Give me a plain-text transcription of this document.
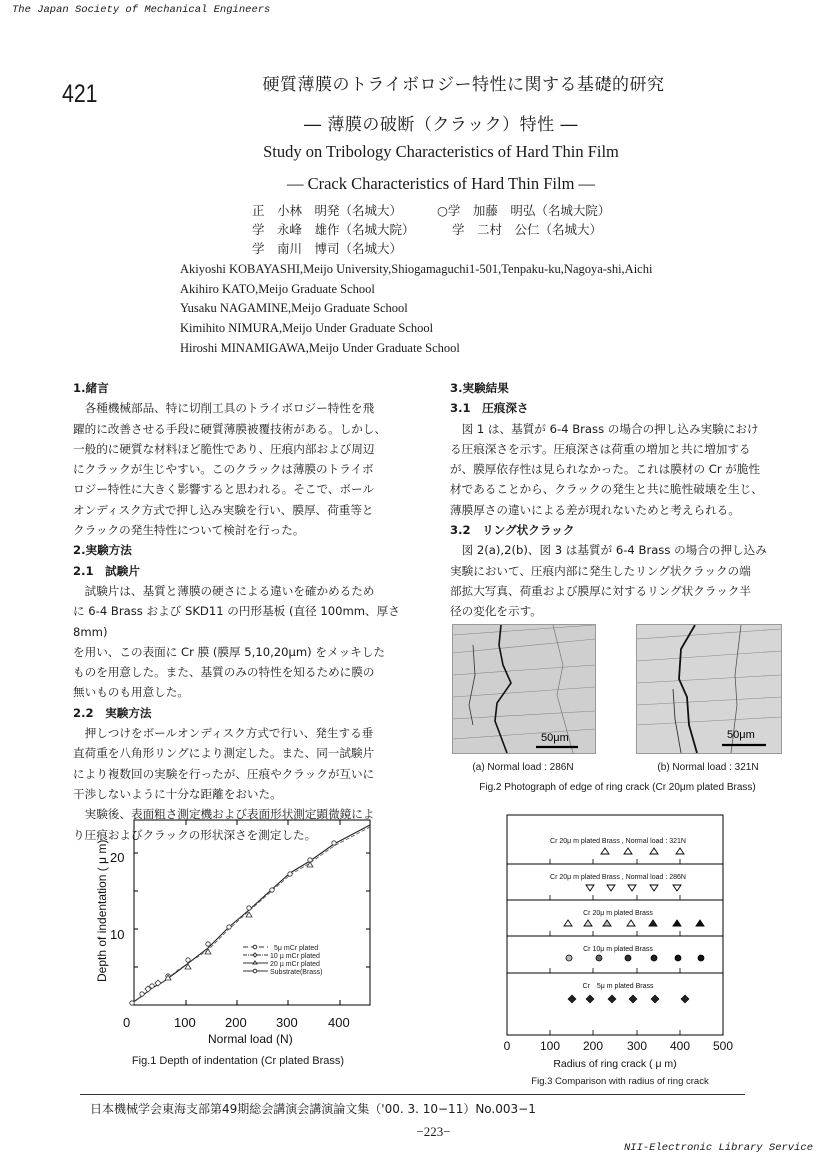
The Japan Society of Mechanical Engineers
421	硬質薄膜のトライボロジー特性に関する基礎的研究
― 薄膜の破断（クラック）特性 ―
Study on Tribology Characteristics of Hard Thin Film
― Crack Characteristics of Hard Thin Film ―
正　小林　明発（名城大）	○学　加藤　明弘（名城大院）
学　永峰　雄作（名城大院）	学　二村　公仁（名城大）
学　南川　博司（名城大）
Akiyoshi KOBAYASHI,Meijo University,Shiogamaguchi1-501,Tenpaku-ku,Nagoya-shi,Aichi
Akihiro KATO,Meijo Graduate School
Yusaku NAGAMINE,Meijo Graduate School
Kimihito NIMURA,Meijo Under Graduate School
Hiroshi MINAMIGAWA,Meijo Under Graduate School

1.緒言

各種機械部品、特に切削工具のトライボロジー特性を飛

躍的に改善させる手段に硬質薄膜被覆技術がある。しかし、

一般的に硬質な材料ほど脆性であり、圧痕内部および周辺

にクラックが生じやすい。このクラックは薄膜のトライボ

ロジー特性に大きく影響すると思われる。そこで、ボール

オンディスク方式で押し込み実験を行い、膜厚、荷重等と

クラックの発生特性について検討を行った。

2.実験方法

2.1　試験片

試験片は、基質と薄膜の硬さによる違いを確かめるため

に 6-4 Brass および SKD11 の円形基板 (直径 100mm、厚さ 8mm)

を用い、この表面に Cr 膜 (膜厚 5,10,20μm) をメッキした

ものを用意した。また、基質のみの特性を知るために膜の

無いものも用意した。

2.2　実験方法

押しつけをボールオンディスク方式で行い、発生する垂

直荷重を八角形リングにより測定した。また、同一試験片

により複数回の実験を行ったが、圧痕やクラックが互いに

干渉しないように十分な距離をおいた。

実験後、表面粗さ測定機および表面形状測定顕微鏡によ

り圧痕およびクラックの形状深さを測定した。

3.実験結果

3.1　圧痕深さ

図 1 は、基質が 6-4 Brass の場合の押し込み実験におけ

る圧痕深さを示す。圧痕深さは荷重の増加と共に増加する

が、膜厚依存性は見られなかった。これは膜材の Cr が脆性

材であることから、クラックの発生と共に脆性破壊を生じ、

薄膜厚さの違いによる差が現れないためと考えられる。

3.2　リング状クラック

図 2(a),2(b)、図 3 は基質が 6-4 Brass の場合の押し込み

実験において、圧痕内部に発生したリング状クラックの端

部拡大写真、荷重および膜厚に対するリング状クラック半

径の変化を示す。

50μm	50μm
(a) Normal load : 286N	(b) Normal load : 321N
Fig.2 Photograph of edge of ring crack (Cr 20μm plated Brass)
5μ mCr plated
10 μ mCr plated
20 μ mCr plated
Substrate(Brass)
0	100 200 300 400
10
20
Normal load (N)
Depth of indentation ( μ m)
Fig.1 Depth of indentation (Cr plated Brass)
Cr 20μ m plated Brass , Normal load : 321N
Cr 20μ m plated Brass , Normal load : 286N
Cr 20μ m plated Brass
Cr 10μ m plated Brass
Cr　5μ m plated Brass
0 100 200 300 400 500
Radius of ring crack ( μ m)
Fig.3 Comparison with radius of ring crack
日本機械学会東海支部第49期総会講演会講演論文集（'00. 3. 10−11）No.003−1
−223−
NII-Electronic Library Service
